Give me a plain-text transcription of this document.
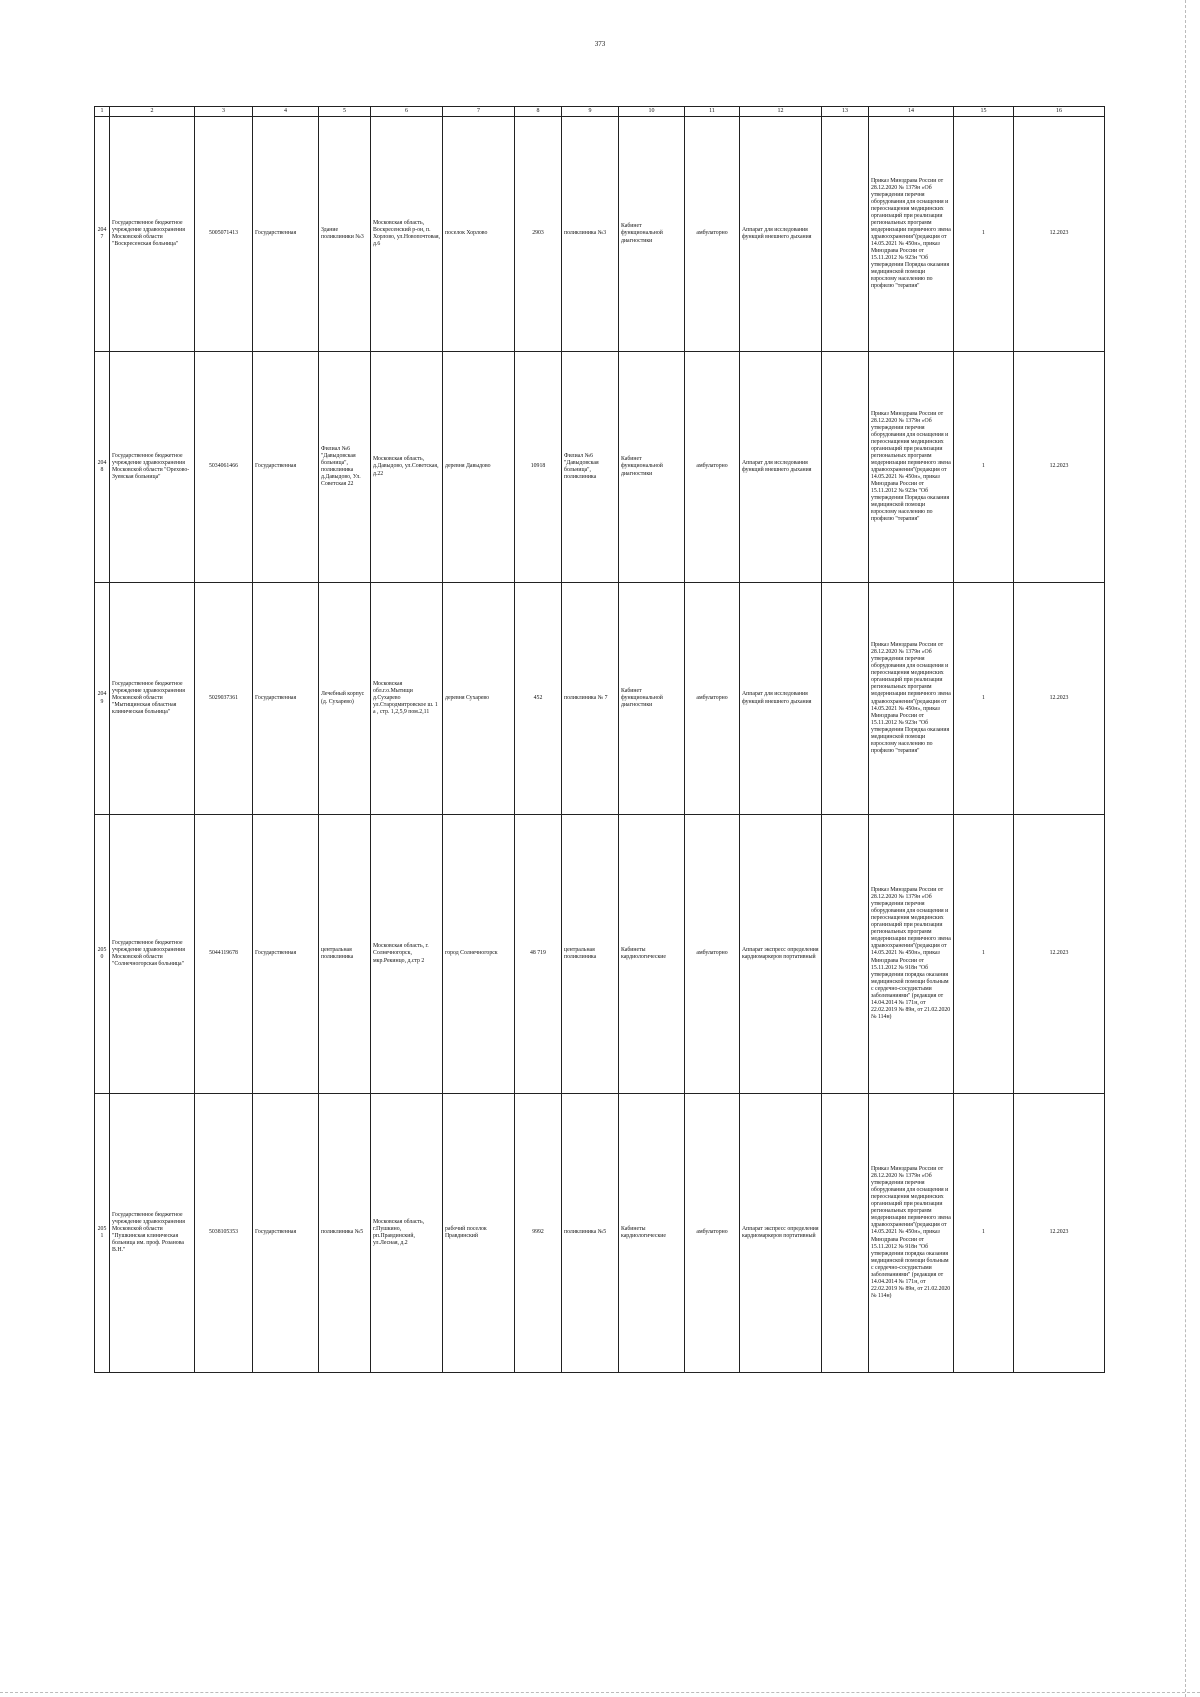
373
1	2	3	4	5	6	7	8	9	10	11	12	13	14	15	16
2047	Государственное бюджетное учреждение здравоохранения Московской области "Воскресенская больница"	5005071413	Государственная	Здание поликлиники №3	Московская область, Воскресенский р-он, п. Хорлово, ул.Новопочтовая, д.6	поселок Хорлово	2903	поликлиника №3	Кабинет функциональной диагностики	амбулаторно	Аппарат для исследования функций внешнего дыхания		Приказ Минздрава России от 28.12.2020 № 1379н «Об утверждении перечня оборудования для оснащения и переоснащения медицинских организаций при реализации региональных программ модернизации первичного звена здравоохранения"(редакция от 14.05.2021 № 450н», приказ Минздрава России от 15.11.2012 № 923н "Об утверждении Порядка оказания медицинской помощи взрослому населению по профилю "терапия"	1	12.2023
2048	Государственное бюджетное учреждение здравоохранения Московской области "Орехово-Зуевская больница"	5034061466	Государственная	Филиал №6 "Давыдовская больница", поликлиника д.Давыдово, Ул. Советская 22	Московская область, д.Давыдово, ул.Советская, д.22	деревня Давыдово	10918	Филиал №6 "Давыдовская больница", поликлиника	Кабинет функциональной диагностики	амбулаторно	Аппарат для исследования функций внешнего дыхания		Приказ Минздрава России от 28.12.2020 № 1379н «Об утверждении перечня оборудования для оснащения и переоснащения медицинских организаций при реализации региональных программ модернизации первичного звена здравоохранения"(редакция от 14.05.2021 № 450н», приказ Минздрава России от 15.11.2012 № 923н "Об утверждении Порядка оказания медицинской помощи взрослому населению по профилю "терапия"	1	12.2023
2049	Государственное бюджетное учреждение здравоохранения Московской области "Мытищинская областная клиническая больница"	5029037361	Государственная	Лечебный корпус (д. Сухарево)	Московская обл.г.о.Мытищи д.Сухарево ул.Стародмитровское ш. 1 а , стр. 1,2,5,9 пом.2,11	деревня Сухарево	452	поликлиника № 7	Кабинет функциональной диагностики	амбулаторно	Аппарат для исследования функций внешнего дыхания		Приказ Минздрава России от 28.12.2020 № 1379н «Об утверждении перечня оборудования для оснащения и переоснащения медицинских организаций при реализации региональных программ модернизации первичного звена здравоохранения"(редакция от 14.05.2021 № 450н», приказ Минздрава России от 15.11.2012 № 923н "Об утверждении Порядка оказания медицинской помощи взрослому населению по профилю "терапия"	1	12.2023
2050	Государственное бюджетное учреждение здравоохранения Московской области "Солнечногорская больница"	5044119678	Государственная	центральная поликлиника	Московская область, г. Солнечногорск, мкр.Рекинцо, д.стр 2	город Солнечногорск	48 719	центральная поликлиника	Кабинеты кардиологические	амбулаторно	Аппарат экспресс определения кардиомаркеров портативный		Приказ Минздрава России от 28.12.2020 № 1379н «Об утверждении перечня оборудования для оснащения и переоснащения медицинских организаций при реализации региональных программ модернизации первичного звена здравоохранения"(редакция от 14.05.2021 № 450н», приказ Минздрава России от 15.11.2012 № 918н "Об утверждении порядка оказания медицинской помощи больным с сердечно-сосудистыми заболеваниями" (редакция от 14.04.2014 № 171н, от 22.02.2019 № 89н, от 21.02.2020 № 114н)	1	12.2023
2051	Государственное бюджетное учреждение здравоохранения Московской области "Пушкинская клиническая больница им. проф. Розанова В.Н."	5038105353	Государственная	поликлиника №5	Московская область, г.Пушкино, рп.Правдинский, ул.Лесная, д.2	рабочий поселок Правдинский	9992	поликлиника №5	Кабинеты кардиологические	амбулаторно	Аппарат экспресс определения кардиомаркеров портативный		Приказ Минздрава России от 28.12.2020 № 1379н «Об утверждении перечня оборудования для оснащения и переоснащения медицинских организаций при реализации региональных программ модернизации первичного звена здравоохранения"(редакция от 14.05.2021 № 450н», приказ Минздрава России от 15.11.2012 № 918н "Об утверждении порядка оказания медицинской помощи больным с сердечно-сосудистыми заболеваниями" (редакция от 14.04.2014 № 171н, от 22.02.2019 № 89н, от 21.02.2020 № 114н)	1	12.2023
